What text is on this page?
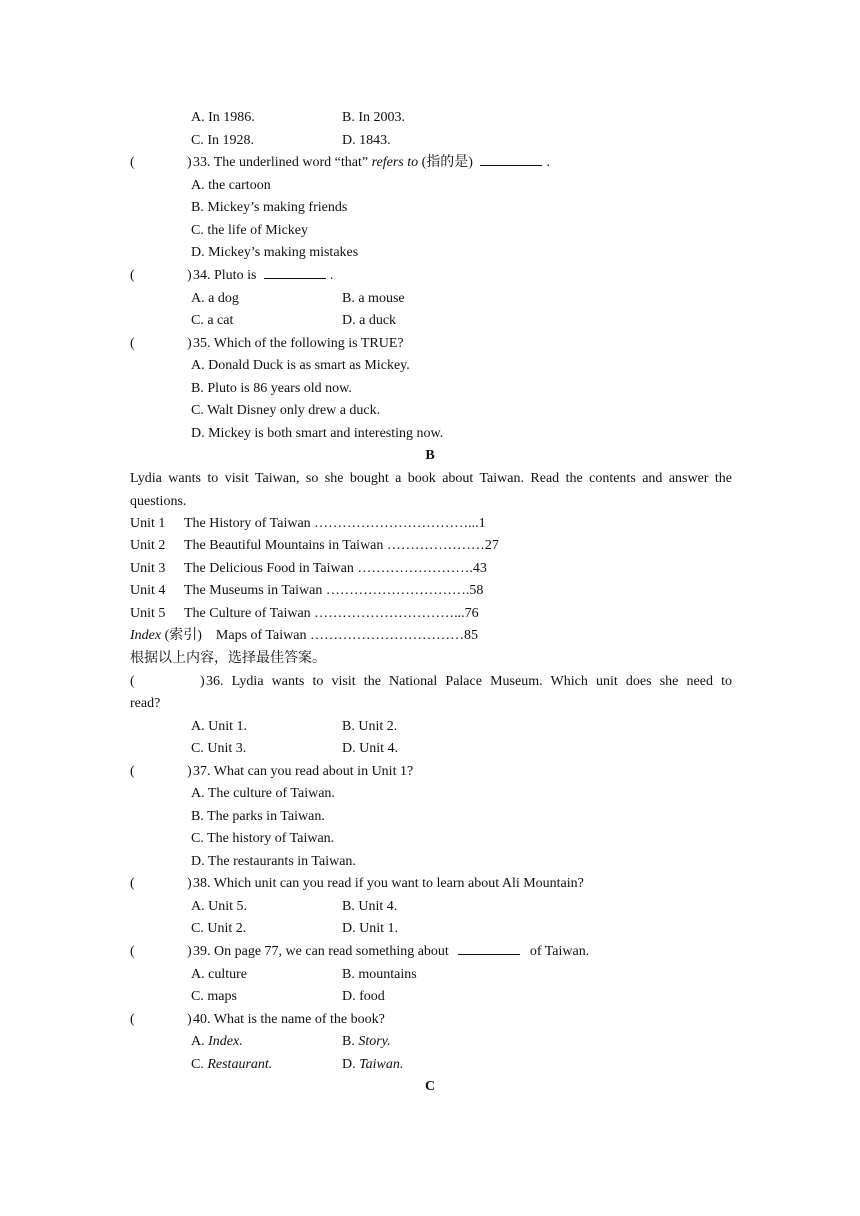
A. In 1986.	B. In 2003.
C. In 1928.	D. 1843.
(	) 33. The underlined word “that” refers to (指的是)	.
A. the cartoon
B. Mickey’s making friends
C. the life of Mickey
D. Mickey’s making mistakes
(	) 34. Pluto is	.
A. a dog	B. a mouse
C. a cat	D. a duck
(	) 35. Which of the following is TRUE?
A. Donald Duck is as smart as Mickey.
B. Pluto is 86 years old now.
C. Walt Disney only drew a duck.
D. Mickey is both smart and interesting now.
B
Lydia wants to visit Taiwan, so she bought a book about Taiwan. Read the contents and answer the questions.
Unit 1 The History of Taiwan ……………………………...1
Unit 2 The Beautiful Mountains in Taiwan …………………27
Unit 3 The Delicious Food in Taiwan …………………….43
Unit 4 The Museums in Taiwan ………………………….58
Unit 5 The Culture of Taiwan …………………………...76
Index (索引)    Maps of Taiwan ……………………………85
根据以上内容，选择最佳答案。
(	) 36. Lydia wants to visit the National Palace Museum. Which unit does she need to
read?
A. Unit 1.	B. Unit 2.
C. Unit 3.	D. Unit 4.
(	) 37. What can you read about in Unit 1?
A. The culture of Taiwan.
B. The parks in Taiwan.
C. The history of Taiwan.
D. The restaurants in Taiwan.
(	) 38. Which unit can you read if you want to learn about Ali Mountain?
A. Unit 5.	B. Unit 4.
C. Unit 2.	D. Unit 1.
(	) 39. On page 77, we can read something about	of Taiwan.
A. culture	B. mountains
C. maps	D. food
(	) 40. What is the name of the book?
A. Index.	B. Story.
C. Restaurant.	D. Taiwan.
C
